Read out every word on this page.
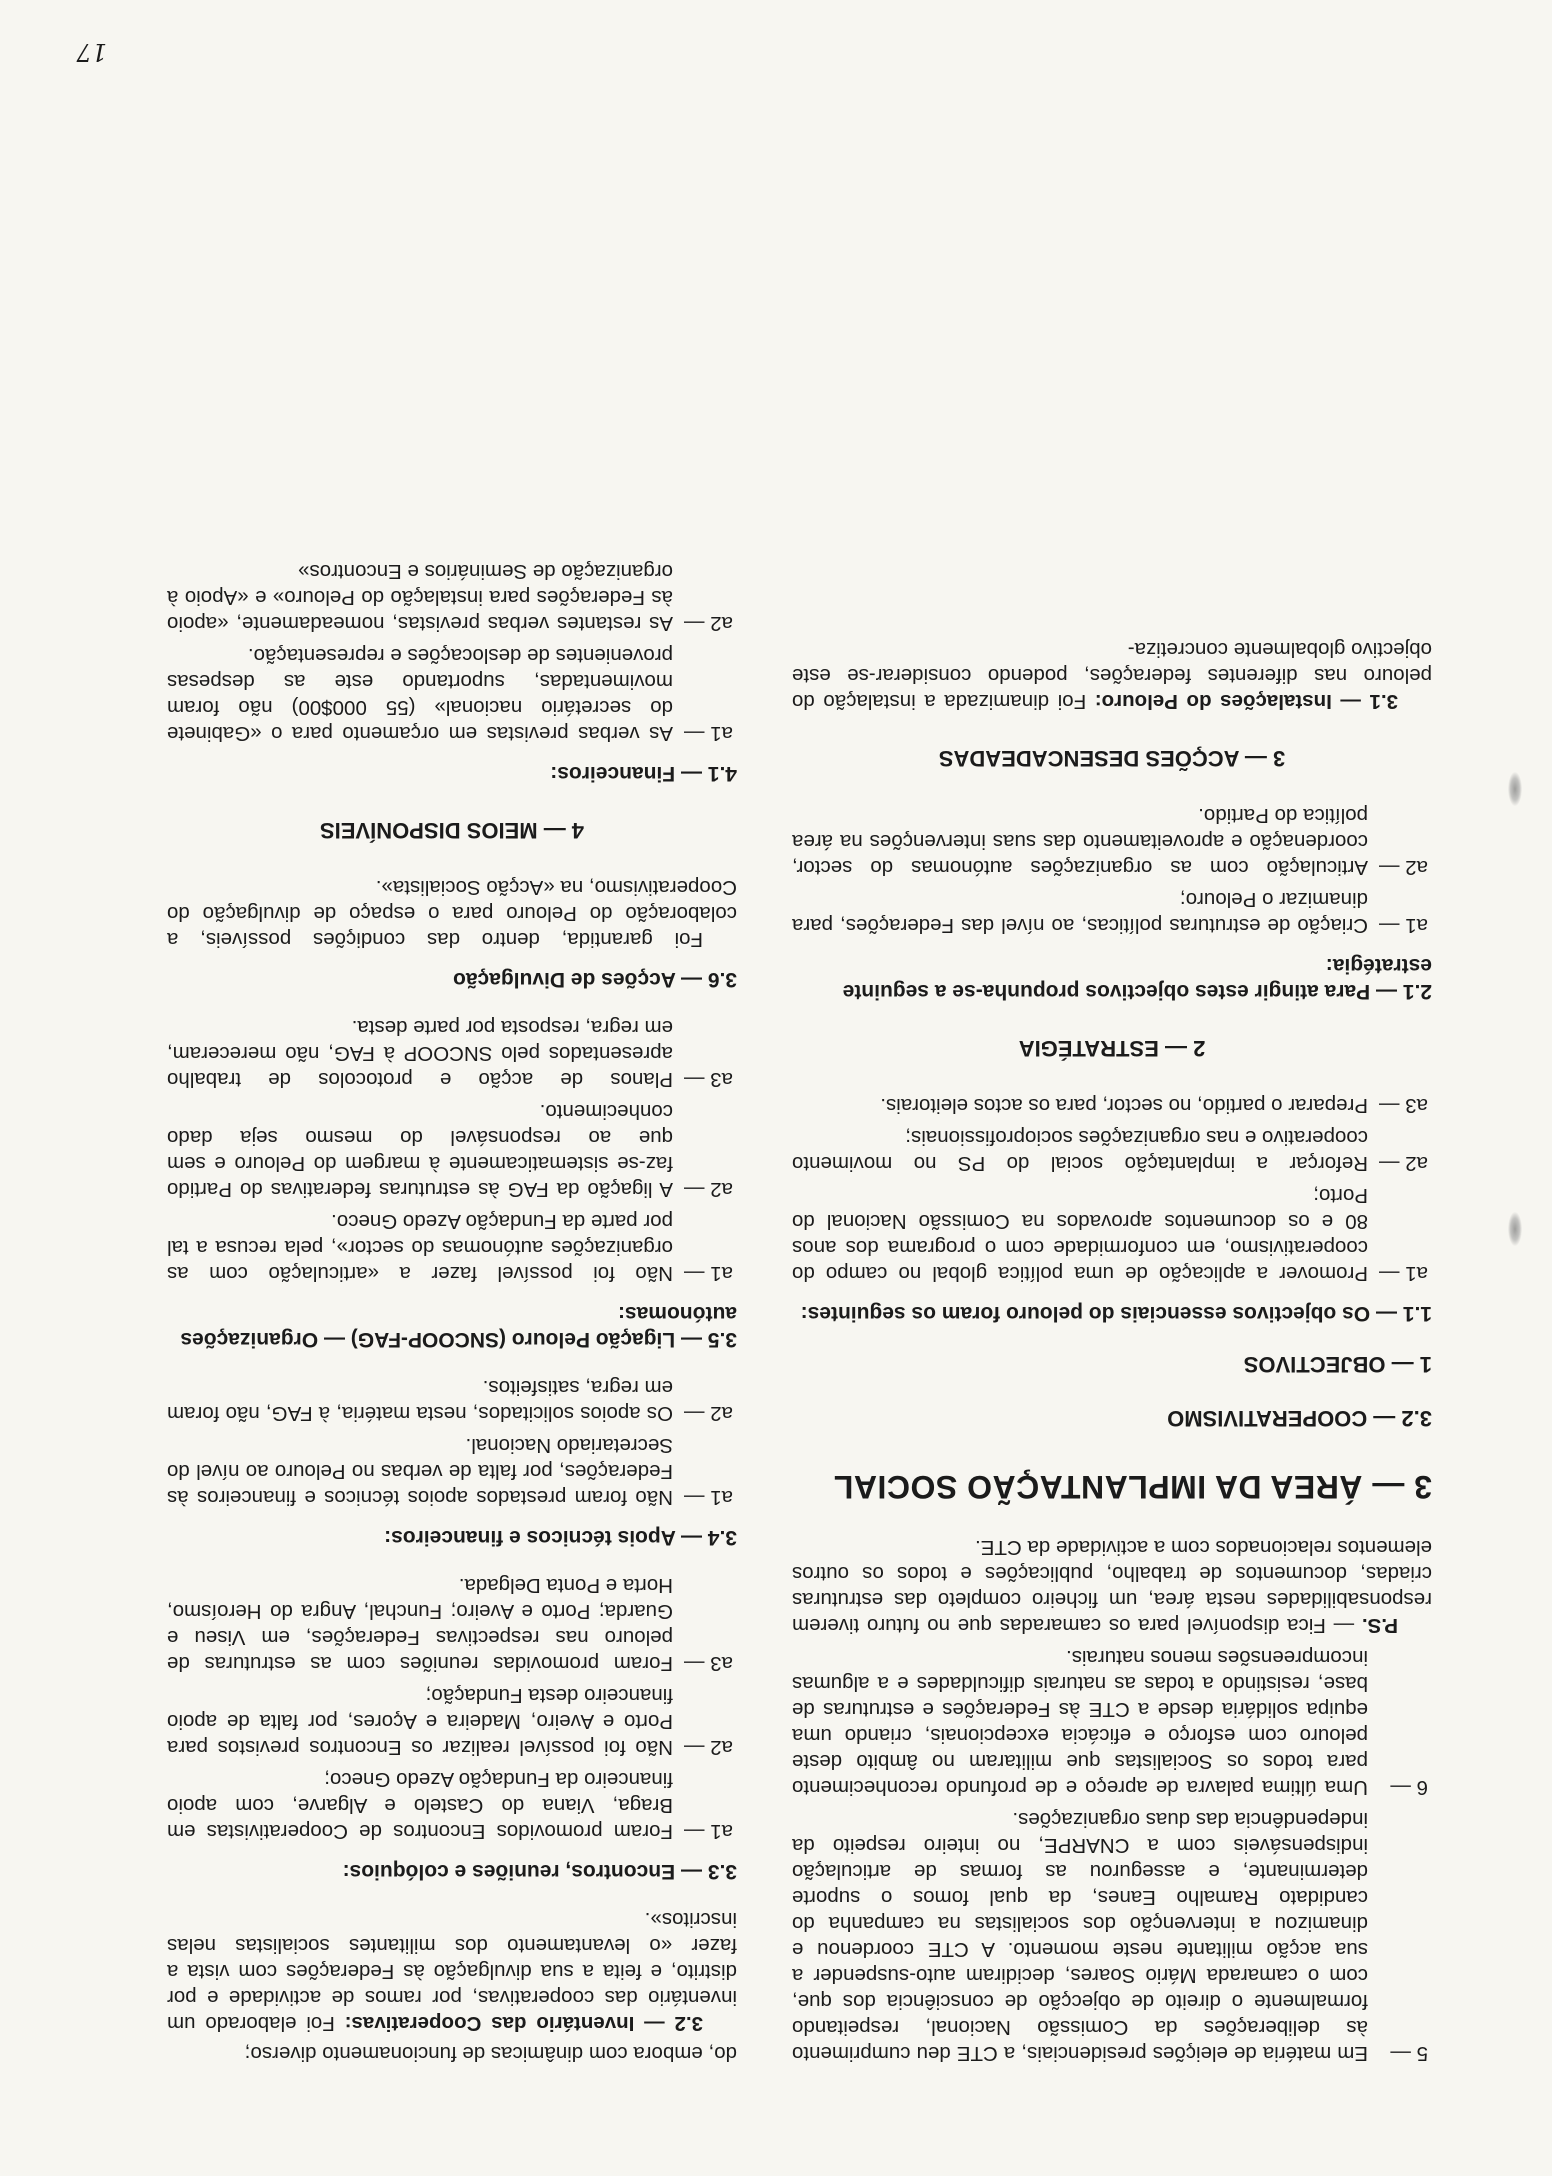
5 —
Em matéria de eleições presidenciais, a CTE deu cumprimento às deliberações da Comissão Nacional, respeitando formalmente o direito de objecção de consciência dos que, com o camarada Mário Soares, decidiram auto-suspender a sua acção militante neste momento. A CTE coordenou e dinamizou a intervenção dos socialistas na campanha do candidato Ramalho Eanes, da qual fomos o suporte determinante, e assegurou as formas de articulação indispensáveis com a CNARPE, no inteiro respeito da independência das duas organizações.
6 —
Uma última palavra de apreço e de profundo reconhecimento para todos os Socialistas que militaram no âmbito deste pelouro com esforço e eficácia excepcionais, criando uma equipa solidária desde a CTE às Federações e estruturas de base, resistindo a todas as naturais dificuldades e a algumas incompreensões menos naturais.

P.S. — Fica disponível para os camaradas que no futuro tiverem responsabilidades nesta área, um ficheiro completo das estruturas criadas, documentos de trabalho, publicações e todos os outros elementos relacionados com a actividade da CTE.

3 — ÁREA DA IMPLANTAÇÃO SOCIAL
3.2 — COOPERATIVISMO
1 — OBJECTIVOS
1.1 — Os objectivos essenciais do pelouro foram os seguintes:
a1 —
Promover a aplicação de uma política global no campo do cooperativismo, em conformidade com o programa dos anos 80 e os documentos aprovados na Comissão Nacional do Porto;
a2 —
Reforçar a implantação social do PS no movimento cooperativo e nas organizações socioprofissionais;
a3 —
Preparar o partido, no sector, para os actos eleitorais.
2 — ESTRATÉGIA
2.1 — Para atingir estes objectivos propunha-se a seguinte estratégia:
a1 —
Criação de estruturas políticas, ao nível das Federações, para dinamizar o Pelouro;
a2 —
Articulação com as organizações autónomas do sector, coordenação e aproveitamento das suas intervenções na área política do Partido.
3 — ACÇÕES DESENCADEADAS

3.1 — Instalações do Pelouro: Foi dinamizada a instalação do pelouro nas diferentes federações, podendo considerar-se este objectivo globalmente concretiza-

do, embora com dinâmicas de funcionamento diverso;

3.2 — Inventário das Cooperativas: Foi elaborado um inventário das cooperativas, por ramos de actividade e por distrito, e feita a sua divulgação às Federações com vista a fazer «o levantamento dos militantes socialistas nelas inscritos».

3.3 — Encontros, reuniões e colóquios:
a1 —
Foram promovidos Encontros de Cooperativistas em Braga, Viana do Castelo e Algarve, com apoio financeiro da Fundação Azedo Gneco;
a2 —
Não foi possível realizar os Encontros previstos para Porto e Aveiro, Madeira e Açores, por falta de apoio financeiro desta Fundação;
a3 —
Foram promovidas reuniões com as estruturas de pelouro nas respectivas Federações, em Viseu e Guarda; Porto e Aveiro; Funchal, Angra do Heroísmo, Horta e Ponta Delgada.
3.4 — Apois técnicos e financeiros:
a1 —
Não foram prestados apoios técnicos e financeiros às Federações, por falta de verbas no Pelouro ao nível do Secretariado Nacional.
a2 —
Os apoios solicitados, nesta matéria, à FAG, não foram em regra, satisfeitos.
3.5 — Ligação Pelouro (SNCOOP-FAG) — Organizações autónomas:
a1 —
Não foi possível fazer a «articulação com as organizações autónomas do sector», pela recusa a tal por parte da Fundação Azedo Gneco.
a2 —
A ligação da FAG às estruturas federativas do Partido faz-se sistematicamente à margem do Pelouro e sem que ao responsável do mesmo seja dado conhecimento.
a3 —
Planos de acção e protocolos de trabalho apresentados pelo SNCOOP à FAG, não mereceram, em regra, resposta por parte desta.
3.6 — Acções de Divulgação

Foi garantida, dentro das condições possíveis, a colaboração do Pelouro para o espaço de divulgação do Cooperativismo, na «Acção Socialista».

4 — MEIOS DISPONÍVEIS
4.1 — Financeiros:
a1 —
As verbas previstas em orçamento para o «Gabinete do secretário nacional» (55 000$00) não foram movimentadas, suportando este as despesas provenientes de deslocações e representação.
a2 —
As restantes verbas previstas, nomeadamente, «apoio às Federações para instalação do Pelouro» e «Apoio à organização de Seminários e Encontros»
17
